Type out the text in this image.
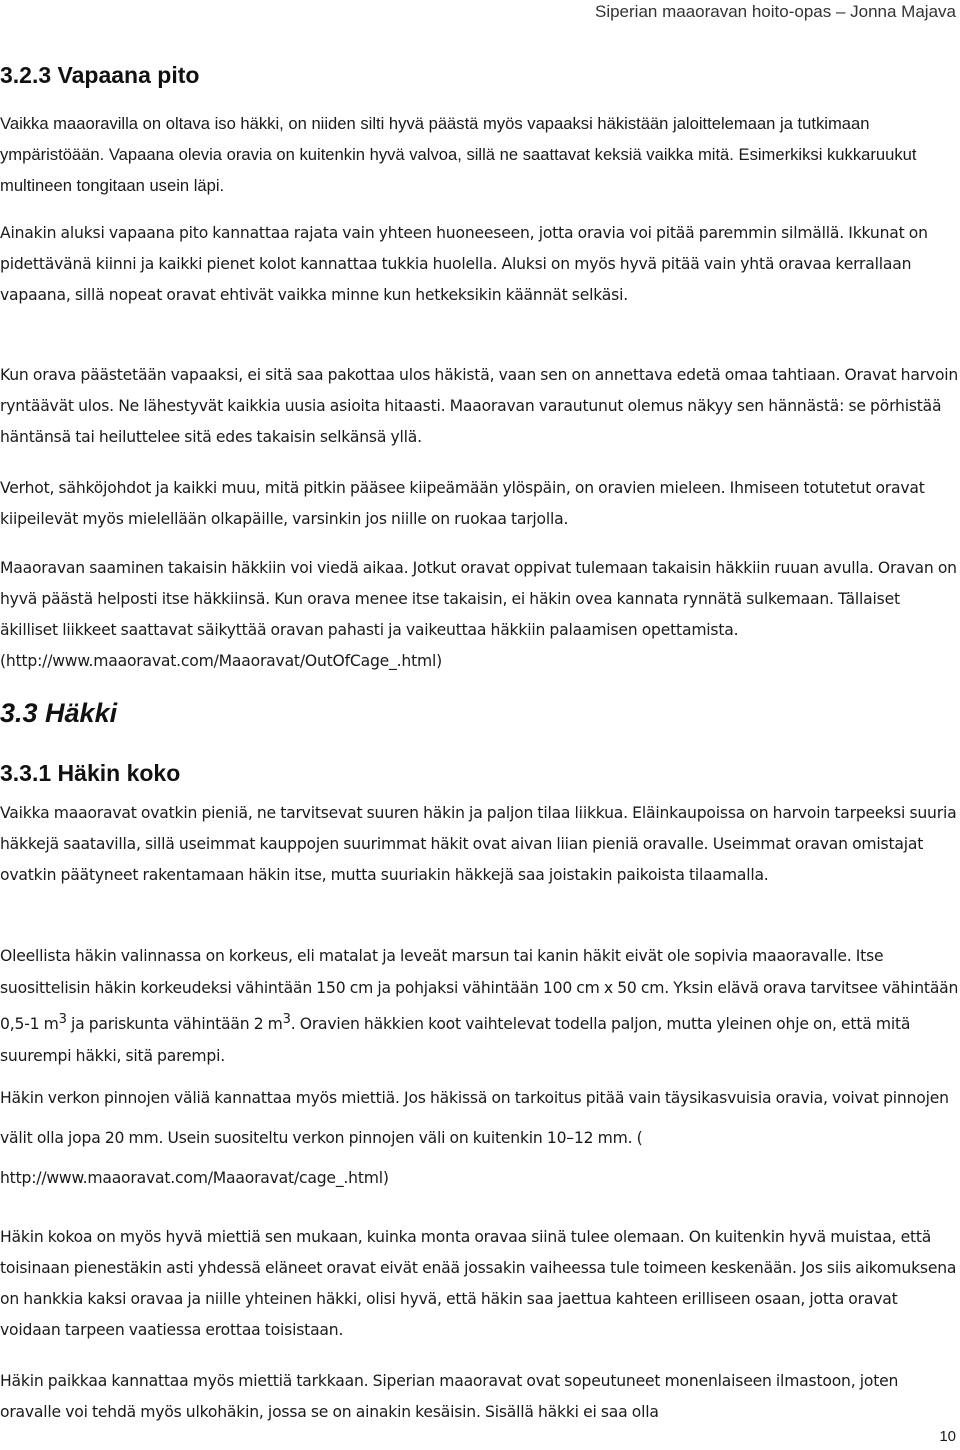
Siperian maaoravan hoito-opas – Jonna Majava

3.2.3 Vapaana pito

Vaikka maaoravilla on oltava iso häkki, on niiden silti hyvä päästä myös vapaaksi häkistään jaloittelemaan ja tutkimaan ympäristöään. Vapaana olevia oravia on kuitenkin hyvä valvoa, sillä ne saattavat keksiä vaikka mitä. Esimerkiksi kukkaruukut multineen tongitaan usein läpi.

Ainakin aluksi vapaana pito kannattaa rajata vain yhteen huoneeseen, jotta oravia voi pitää paremmin silmällä. Ikkunat on pidettävänä kiinni ja kaikki pienet kolot kannattaa tukkia huolella. Aluksi on myös hyvä pitää vain yhtä oravaa kerrallaan vapaana, sillä nopeat oravat ehtivät vaikka minne kun hetkeksikin käännät selkäsi.

Kun orava päästetään vapaaksi, ei sitä saa pakottaa ulos häkistä, vaan sen on annettava edetä omaa tahtiaan. Oravat harvoin ryntäävät ulos. Ne lähestyvät kaikkia uusia asioita hitaasti. Maaoravan varautunut olemus näkyy sen hännästä: se pörhistää häntänsä tai heiluttelee sitä edes takaisin selkänsä yllä.

Verhot, sähköjohdot ja kaikki muu, mitä pitkin pääsee kiipeämään ylöspäin, on oravien mieleen. Ihmiseen totutetut oravat kiipeilevät myös mielellään olkapäille, varsinkin jos niille on ruokaa tarjolla.

Maaoravan saaminen takaisin häkkiin voi viedä aikaa. Jotkut oravat oppivat tulemaan takaisin häkkiin ruuan avulla. Oravan on hyvä päästä helposti itse häkkiinsä. Kun orava menee itse takaisin, ei häkin ovea kannata rynnätä sulkemaan. Tällaiset äkilliset liikkeet saattavat säikyttää oravan pahasti ja vaikeuttaa häkkiin palaamisen opettamista. (http://www.maaoravat.com/Maaoravat/OutOfCage_.html)

3.3 Häkki
3.3.1 Häkin koko

Vaikka maaoravat ovatkin pieniä, ne tarvitsevat suuren häkin ja paljon tilaa liikkua. Eläinkaupoissa on harvoin tarpeeksi suuria häkkejä saatavilla, sillä useimmat kauppojen suurimmat häkit ovat aivan liian pieniä oravalle. Useimmat oravan omistajat ovatkin päätyneet rakentamaan häkin itse, mutta suuriakin häkkejä saa joistakin paikoista tilaamalla.

Oleellista häkin valinnassa on korkeus, eli matalat ja leveät marsun tai kanin häkit eivät ole sopivia maaoravalle. Itse suosittelisin häkin korkeudeksi vähintään 150 cm ja pohjaksi vähintään 100 cm x 50 cm. Yksin elävä orava tarvitsee vähintään 0,5-1 $m^3$ ja pariskunta vähintään 2 $m^3$. Oravien häkkien koot vaihtelevat todella paljon, mutta yleinen ohje on, että mitä suurempi häkki, sitä parempi.

Häkin verkon pinnojen väliä kannattaa myös miettiä. Jos häkissä on tarkoitus pitää vain täysikasvuisia oravia, voivat pinnojen välit olla jopa 20 mm. Usein suositeltu verkon pinnojen väli on kuitenkin 10–12 mm. ( http://www.maaoravat.com/Maaoravat/cage_.html)

Häkin kokoa on myös hyvä miettiä sen mukaan, kuinka monta oravaa siinä tulee olemaan. On kuitenkin hyvä muistaa, että toisinaan pienestäkin asti yhdessä eläneet oravat eivät enää jossakin vaiheessa tule toimeen keskenään. Jos siis aikomuksena on hankkia kaksi oravaa ja niille yhteinen häkki, olisi hyvä, että häkin saa jaettua kahteen erilliseen osaan, jotta oravat voidaan tarpeen vaatiessa erottaa toisistaan.

Häkin paikkaa kannattaa myös miettiä tarkkaan. Siperian maaoravat ovat sopeutuneet monenlaiseen ilmastoon, joten oravalle voi tehdä myös ulkohäkin, jossa se on ainakin kesäisin. Sisällä häkki ei saa olla

10
